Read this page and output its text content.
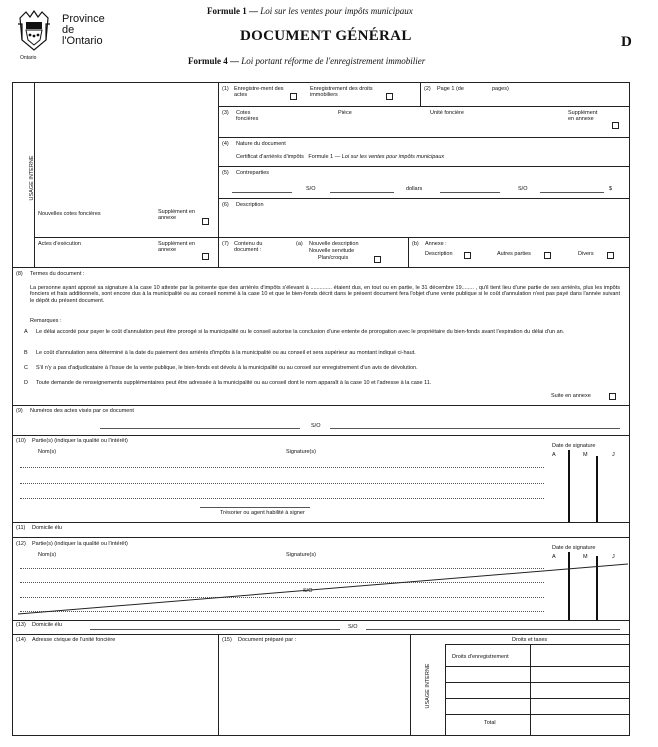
Ontario
Province
de
l'Ontario
Formule 1 — Loi sur les ventes pour impôts municipaux
DOCUMENT GÉNÉRAL	D
Formule 4 — Loi portant réforme de l'enregistrement immobilier
USAGE INTERNE
Nouvelles cotes foncières	Supplément en annexe
Actes d'exécution	Supplément en annexe
(1) Enregistre-ment des actes
Enregistrement des droits immobiliers
(2) Page 1 (de	pages)
(3) Cotes foncières
Pièce	Unité foncière	Supplément en annexe
(4) Nature du document
Certificat d'arriérés d'impôts Formule 1 — Loi sur les ventes pour impôts municipaux
(5) Contreparties
S/O	dollars	S/O	$
(6) Description
(7) Contenu du document :
(a) Nouvelle description
Nouvelle servitude
Plan/croquis
(b) Annexe :
Description	Autres parties	Divers
(8) Termes du document :
La personne ayant apposé sa signature à la case 10 atteste par la présente que des arriérés d'impôts s'élevant à .............. étaient dus, en tout ou en partie, le 31 décembre 19........ , qu'il tient lieu d'une partie de ses arriérés, plus les impôts fonciers et frais additionnels, sont encore dus à la municipalité ou au conseil nommé à la case 10 et que le bien-fonds décrit dans le présent document fera l'objet d'une vente publique si le coût d'annulation n'est pas payé dans l'année suivant le dépôt du présent document.
Remarques :
A Le délai accordé pour payer le coût d'annulation peut être prorogé si la municipalité ou le conseil autorise la conclusion d'une entente de prorogation avec le propriétaire du bien-fonds avant l'expiration du délai d'un an.
B Le coût d'annulation sera déterminé à la date du paiement des arriérés d'impôts à la municipalité ou au conseil et sera supérieur au montant indiqué ci-haut.
C S'il n'y a pas d'adjudicataire à l'issue de la vente publique, le bien-fonds est dévolu à la municipalité ou au conseil sur enregistrement d'un avis de dévolution.
D Toute demande de renseignements supplémentaires peut être adressée à la municipalité ou au conseil dont le nom apparaît à la case 10 et l'adresse à la case 11.
Suite en annexe
(9) Numéros des actes visés par ce document
S/O
(10) Partie(s) (indiquer la qualité ou l'intérêt)
Nom(s)	Signature(s)
Date de signature
A	M	J
Trésorier ou agent habilité à signer
(11) Domicile élu
(12) Partie(s) (indiquer la qualité ou l'intérêt)
Nom(s)	Signature(s)
Date de signature
A	M	J
S/O
(13) Domicile élu	S/O
(14) Adresse civique de l'unité foncière	(15) Document préparé par :
USAGE INTERNE
Droits et taxes
Droits d'enregistrement
Total
